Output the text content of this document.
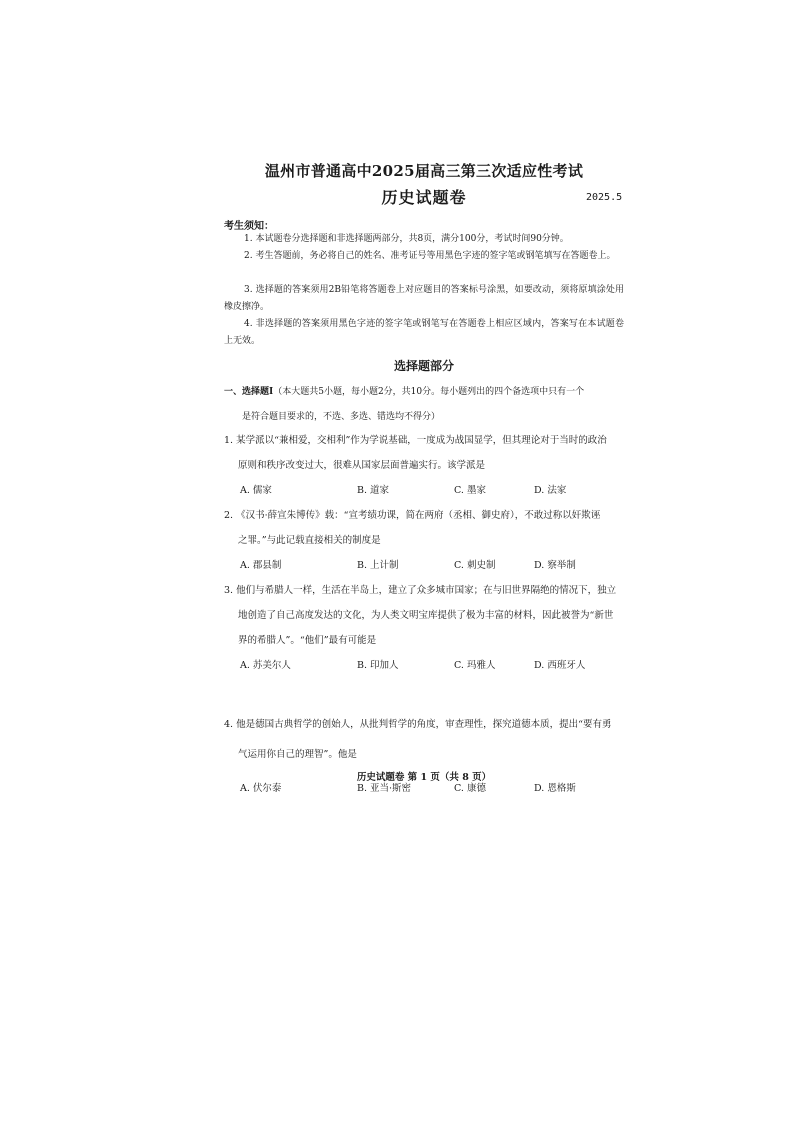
温州市普通高中2025届高三第三次适应性考试
历史试题卷	2025.5
考生须知：
1. 本试题卷分选择题和非选择题两部分，共8页，满分100分，考试时间90分钟。
2. 考生答题前，务必将自己的姓名、准考证号等用黑色字迹的签字笔或钢笔填写在答题卷上。
3. 选择题的答案须用2B铅笔将答题卷上对应题目的答案标号涂黑，如要改动，须将原填涂处用橡皮擦净。
4. 非选择题的答案须用黑色字迹的签字笔或钢笔写在答题卷上相应区域内，答案写在本试题卷上无效。
选择题部分
一、选择题Ⅰ（本大题共5小题，每小题2分，共10分。每小题列出的四个备选项中只有一个
是符合题目要求的，不选、多选、错选均不得分）
1. 某学派以“兼相爱，交相利”作为学说基础，一度成为战国显学，但其理论对于当时的政治
原则和秩序改变过大，很难从国家层面普遍实行。该学派是
A. 儒家	B. 道家	C. 墨家	D. 法家
2. 《汉书·薛宣朱博传》载：“宣考绩功课，简在两府（丞相、御史府），不敢过称以奸欺诬
之罪。”与此记载直接相关的制度是
A. 郡县制	B. 上计制	C. 刺史制	D. 察举制
3. 他们与希腊人一样，生活在半岛上，建立了众多城市国家；在与旧世界隔绝的情况下，独立
地创造了自己高度发达的文化，为人类文明宝库提供了极为丰富的材料，因此被誉为“新世
界的希腊人”。“他们”最有可能是
A. 苏美尔人	B. 印加人	C. 玛雅人	D. 西班牙人
4. 他是德国古典哲学的创始人，从批判哲学的角度，审查理性，探究道德本质，提出“要有勇
气运用你自己的理智”。他是
A. 伏尔泰	B. 亚当·斯密	C. 康德	D. 恩格斯
历史试题卷 第 1 页（共 8 页）
